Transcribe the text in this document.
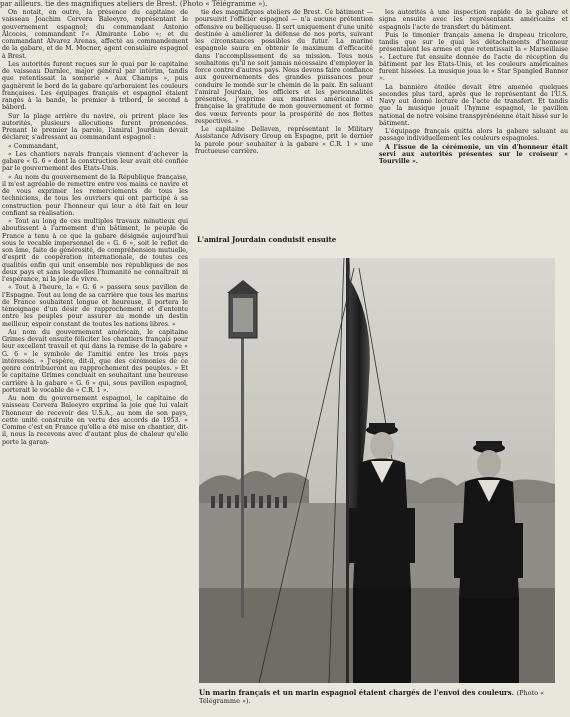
par ailleurs. tie des magnifiques ateliers de Brest. (Photo « Télégramme »).

On notait, en outre, la présence du capitaine de vaisseau Joachim Cervera Baleeyro, représentant le gouvernement espagnol; du commandant Antonio Alcoces, commandant l'« Almirante Lobo »; et du commandant Alvarez Arenas, affecté au commandement de la gabare, et de M. Mocner, agent consulaire espagnol à Brest.

Les autorités furent reçues sur le quai par le capitaine de vaisseau Darnlec, major général par intérim, tandis que retentissait la sonnerie « Aux Champs », puis gagnèrent le bord de la gabare qu'arboraient les couleurs françaises. Les équipages français et espagnol étaient rangés à la bande, le premier à tribord, le second à bâbord.

Sur la plage arrière du navire, où prirent place les autorités, plusieurs allocutions furent prononcées. Prenant le premier la parole, l'amiral Jourdain devait déclarer, s'adressant au commandant espagnol :

« Commandant,

« Les chantiers navals français viennent d'achever la gabare « G. 6 » dont la construction leur avait été confiée par le gouvernement des Etats-Unis.

« Au nom du gouvernement de la République française, il m'est agréable de remettre entre vos mains ce navire et de vous exprimer les remerciements de tous les techniciens, de tous les ouvriers qui ont participé à sa construction pour l'honneur qui leur a été fait en leur confiant sa réalisation.

« Tout au long de ces multiples travaux minutieux qui aboutissent à l'armement d'un bâtiment, le peuple de France a tenu à ce que la gabare désignée aujourd'hui sous le vocable impersonnel de « G. 6 », soit le reflet de son âme, faite de générosité, de compréhension mutuelle, d'esprit de coopération internationale, de toutes ces qualités enfin qui unit ensemble nos républiques de nos deux pays et sans lesquelles l'humanité ne connaîtrait ni l'espérance, ni la joie de vivre.

« Tout à l'heure, la « G. 6 » passera sous pavillon de l'Espagne. Tout au long de sa carrière que tous les marins de France souhaitent longue et heureuse, il portera le témoignage d'un désir de rapprochement et d'entente entre les peuples pour assurer au monde un destin meilleur, espoir constant de toutes les nations libres. »

Au nom du gouvernement américain, le capitaine Grimes devait ensuite féliciter les chantiers français pour leur excellent travail et qui dans la remise de la gabare « G. 6 » le symbole de l'amitié entre les trois pays intéressés. « J'espère, dit-il, que des cérémonies de ce genre contribueront au rapprochement des peuples. » Et le capitaine Grimes concluait en souhaitant une heureuse carrière à la gabare « G. 6 » qui, sous pavillon espagnol, porterait le vocable de « C.R. 1 ».

Au nom du gouvernement espagnol, le capitaine de vaisseau Cervera Baleeyro exprima la joie que lui valait l'honneur de recevoir des U.S.A., au nom de son pays, cette unité construite en vertu des accords de 1953. « Comme c'est en France qu'elle a été mise en chantier, dit-il, nous la recevons avec d'autant plus de chaleur qu'elle porte la garan-

tie des magnifiques ateliers de Brest. Ce bâtiment — poursuivit l'officier espagnol — n'a aucune prétention offensive ou belliqueuse. Il sert uniquement d'une unité destinée à améliorer la défense de nos ports, suivant les circonstances possibles du futur. La marine espagnole saura en obtenir le maximum d'efficacité dans l'accomplissement de sa mission. Tous nous souhaitons qu'il ne soit jamais nécessaire d'employer la force contre d'autres pays. Nous devons faire confiance aux gouvernements des grandes puissances pour conduire le monde sur le chemin de la paix. En saluant l'amiral Jourdain, les officiers et les personnalités présentes, j'exprime aux marines américaine et française la gratitude de mon gouvernement et forme des vœux fervents pour la prospérité de nos flottes respectives. »

Le capitaine Dellaven, représentant le Military Assistance Advisory Group en Espagne, prit le dernier la parole pour souhaiter à la gabare « C.R. 1 » une fructueuse carrière.

L'amiral Jourdain conduisit ensuite

les autorités à une inspection rapide de la gabare et signa ensuite avec les représentants américains et espagnols l'acte de transfert du bâtiment.

Puis le timonier français amena le drapeau tricolore, tandis que sur le quai les détachements d'honneur présentaient les armes et que retentissait la « Marseillaise ». Lecture fut ensuite donnée de l'acte de réception du bâtiment par les Etats-Unis, et les couleurs américaines furent hissées. La musique joua le « Star Spangled Banner ».

La bannière étoilée devait être amenée quelques secondes plus tard, après que le représentant de l'U.S. Navy eut donné lecture de l'acte de transfert. Et tandis que la musique jouait l'hymne espagnol, le pavillon national de notre voisine transpyrénéenne était hissé sur le bâtiment.

L'équipage français quitta alors la gabare saluant au passage individuellement les couleurs espagnoles.

A l'issue de la cérémonie, un vin d'honneur était servi aux autorités présentes sur le croiseur « Tourville ».

Un marin français et un marin espagnol étaient chargés de l'envoi des couleurs. (Photo « Télégramme »).
